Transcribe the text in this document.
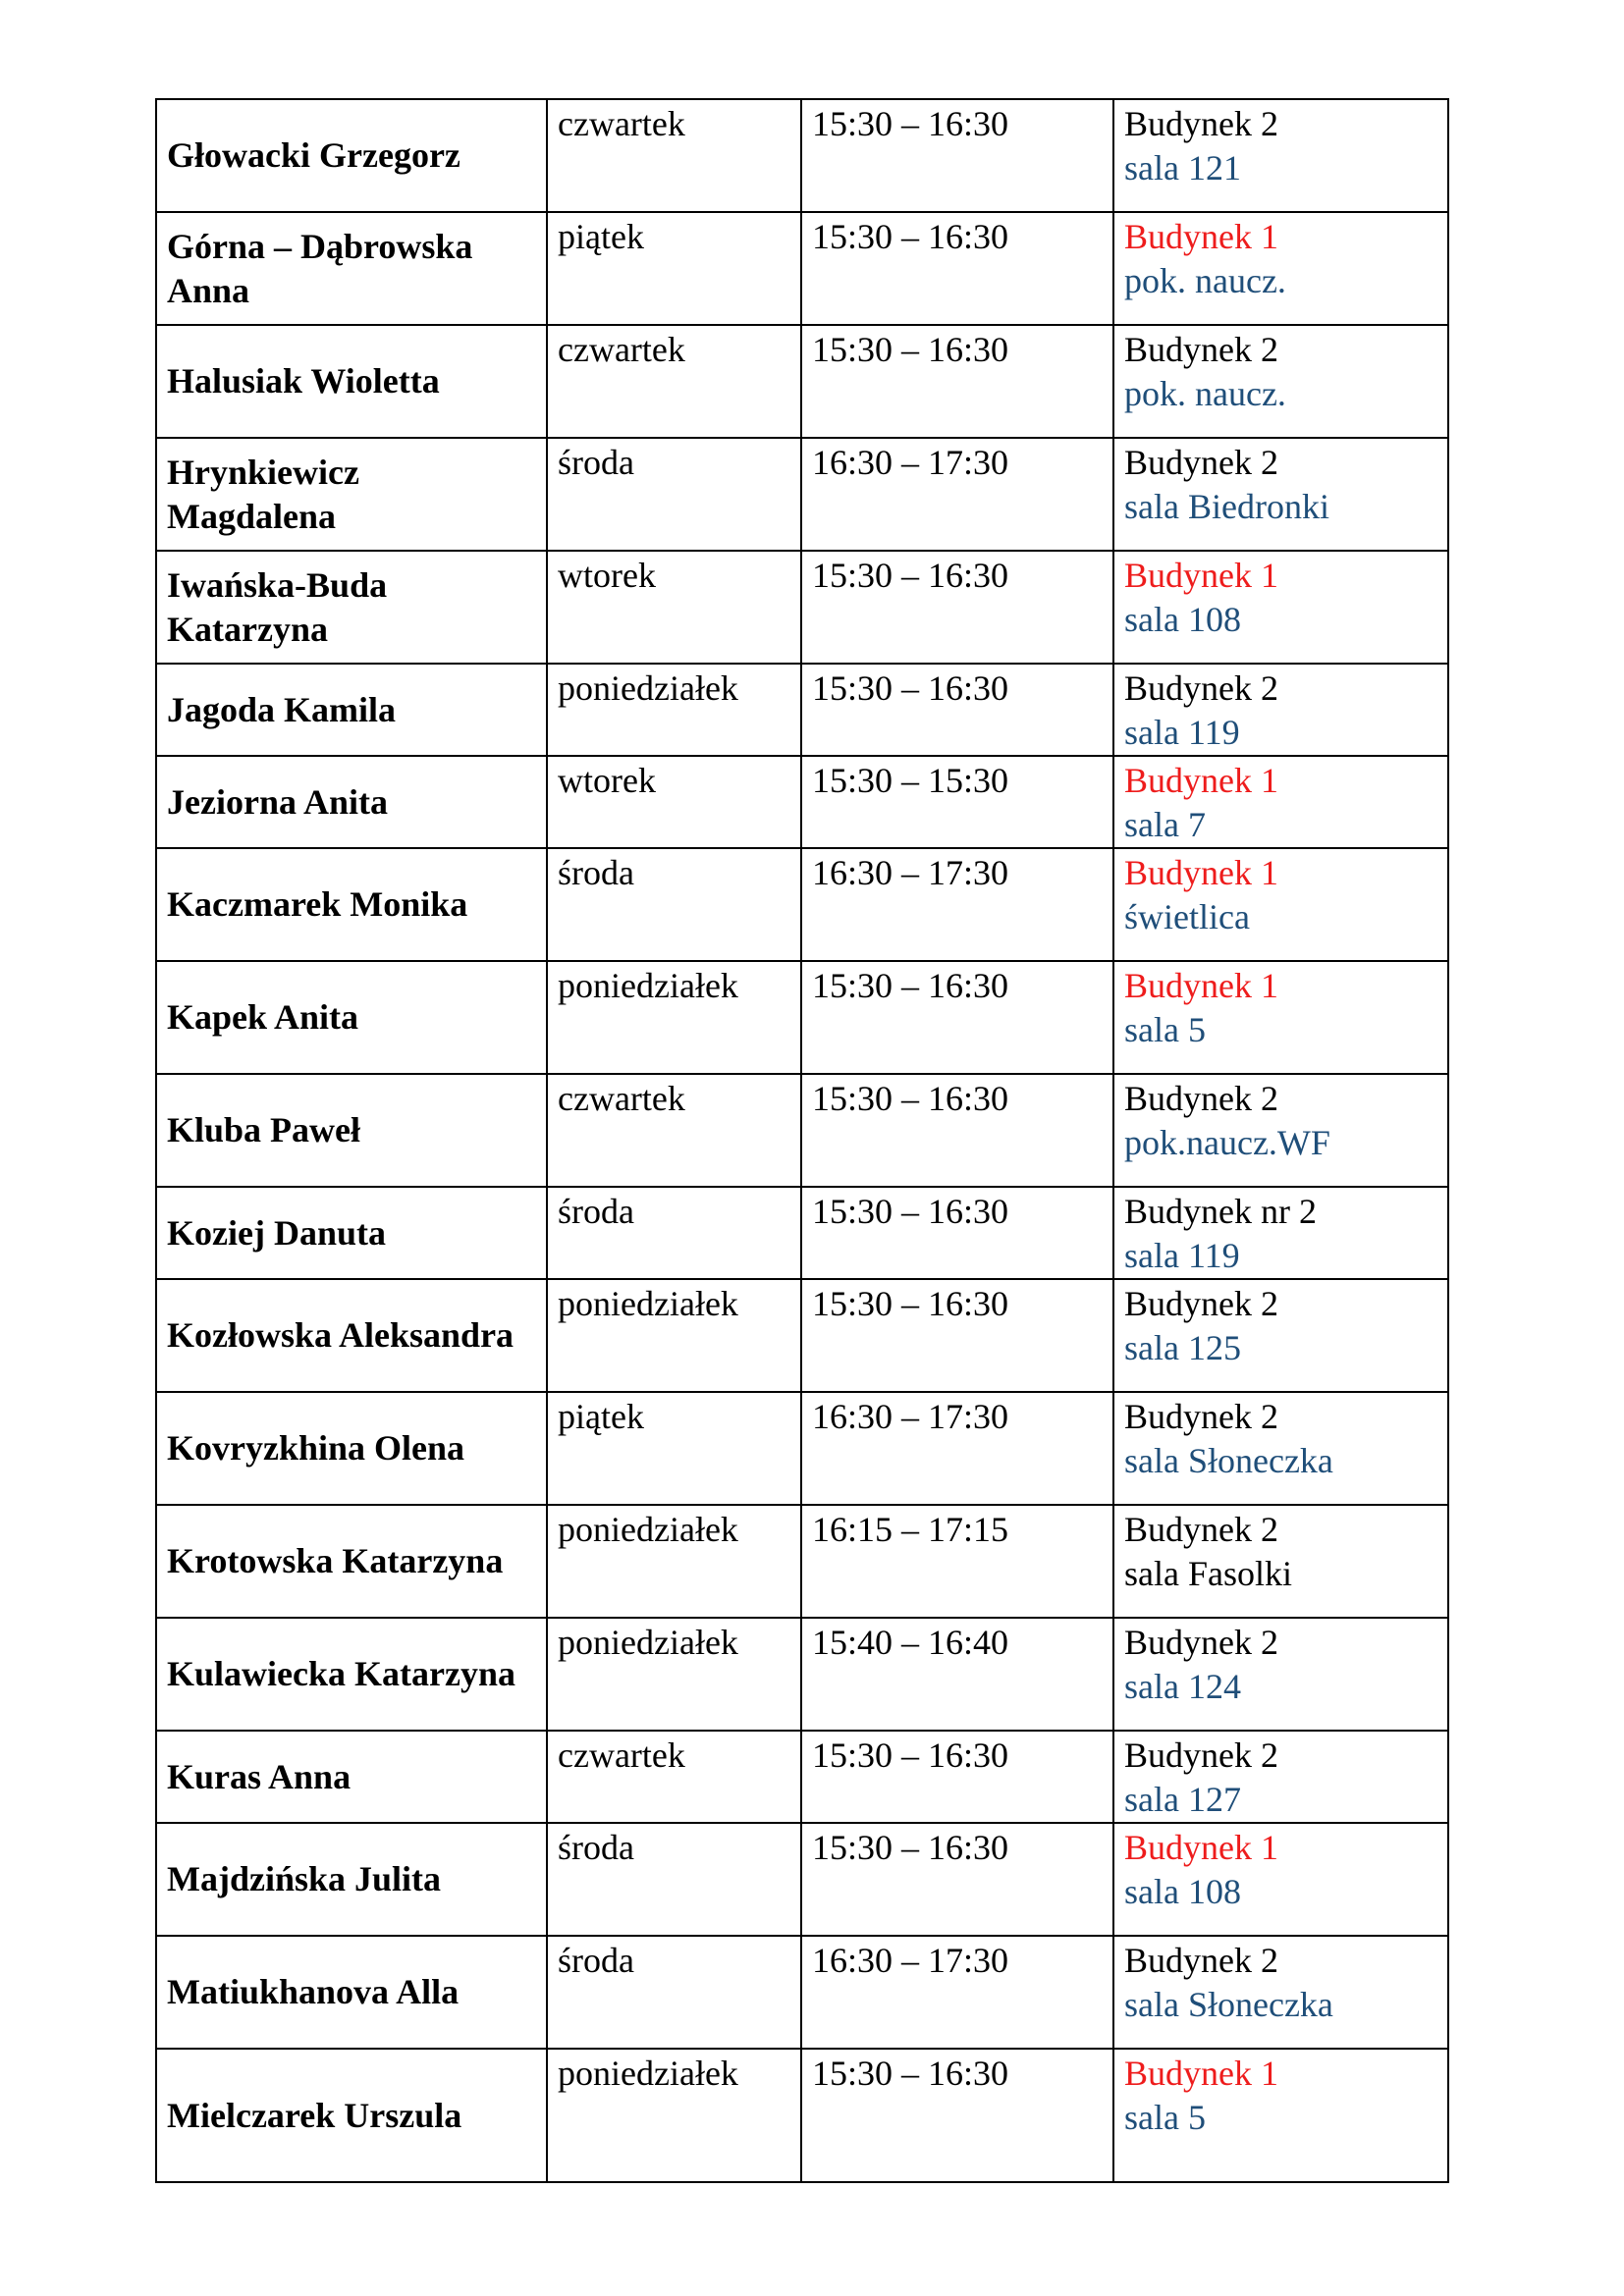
Głowacki Grzegorz	czwartek	15:30 – 16:30	Budynek 2
sala 121

Górna – Dąbrowska Anna	piątek	15:30 – 16:30	Budynek 1
pok. naucz.

Halusiak Wioletta	czwartek	15:30 – 16:30	Budynek 2
pok. naucz.

Hrynkiewicz Magdalena	środa	16:30 – 17:30	Budynek 2
sala Biedronki

Iwańska-Buda Katarzyna	wtorek	15:30 – 16:30	Budynek 1
sala 108

Jagoda Kamila	poniedziałek	15:30 – 16:30	Budynek 2
sala 119

Jeziorna Anita	wtorek	15:30 – 15:30	Budynek 1
sala 7

Kaczmarek Monika	środa	16:30 – 17:30	Budynek 1
świetlica

Kapek Anita	poniedziałek	15:30 – 16:30	Budynek 1
sala 5

Kluba Paweł	czwartek	15:30 – 16:30	Budynek 2
pok.naucz.WF

Koziej Danuta	środa	15:30 – 16:30	Budynek nr 2
sala 119

Kozłowska Aleksandra	poniedziałek	15:30 – 16:30	Budynek 2
sala 125

Kovryzkhina Olena	piątek	16:30 – 17:30	Budynek 2
sala Słoneczka

Krotowska Katarzyna	poniedziałek	16:15 – 17:15	Budynek 2
sala Fasolki

Kulawiecka Katarzyna	poniedziałek	15:40 – 16:40	Budynek 2
sala 124

Kuras Anna	czwartek	15:30 – 16:30	Budynek 2
sala 127

Majdzińska Julita	środa	15:30 – 16:30	Budynek 1
sala 108

Matiukhanova Alla	środa	16:30 – 17:30	Budynek 2
sala Słoneczka

Mielczarek Urszula	poniedziałek	15:30 – 16:30	Budynek 1
sala 5
